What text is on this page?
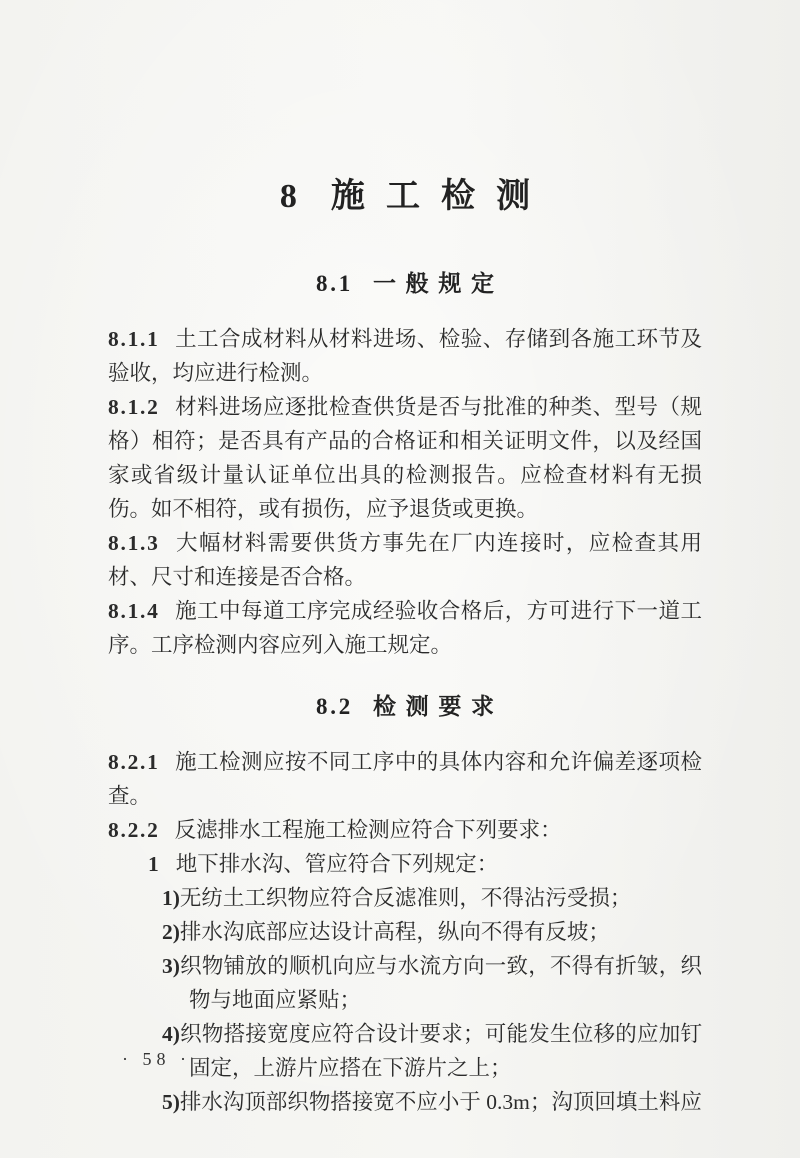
8 施工检测
8.1 一般规定

8.1.1 土工合成材料从材料进场、检验、存储到各施工环节及验收，均应进行检测。

8.1.2 材料进场应逐批检查供货是否与批准的种类、型号（规格）相符；是否具有产品的合格证和相关证明文件，以及经国家或省级计量认证单位出具的检测报告。应检查材料有无损伤。如不相符，或有损伤，应予退货或更换。

8.1.3 大幅材料需要供货方事先在厂内连接时，应检查其用材、尺寸和连接是否合格。

8.1.4 施工中每道工序完成经验收合格后，方可进行下一道工序。工序检测内容应列入施工规定。

8.2 检测要求

8.2.1 施工检测应按不同工序中的具体内容和允许偏差逐项检查。

8.2.2 反滤排水工程施工检测应符合下列要求：

1 地下排水沟、管应符合下列规定：

1)无纺土工织物应符合反滤准则，不得沾污受损；

2)排水沟底部应达设计高程，纵向不得有反坡；

3)织物铺放的顺机向应与水流方向一致，不得有折皱，织物与地面应紧贴；

4)织物搭接宽度应符合设计要求；可能发生位移的应加钉固定，上游片应搭在下游片之上；

5)排水沟顶部织物搭接宽不应小于 0.3m；沟顶回填土料应

· 58 ·
